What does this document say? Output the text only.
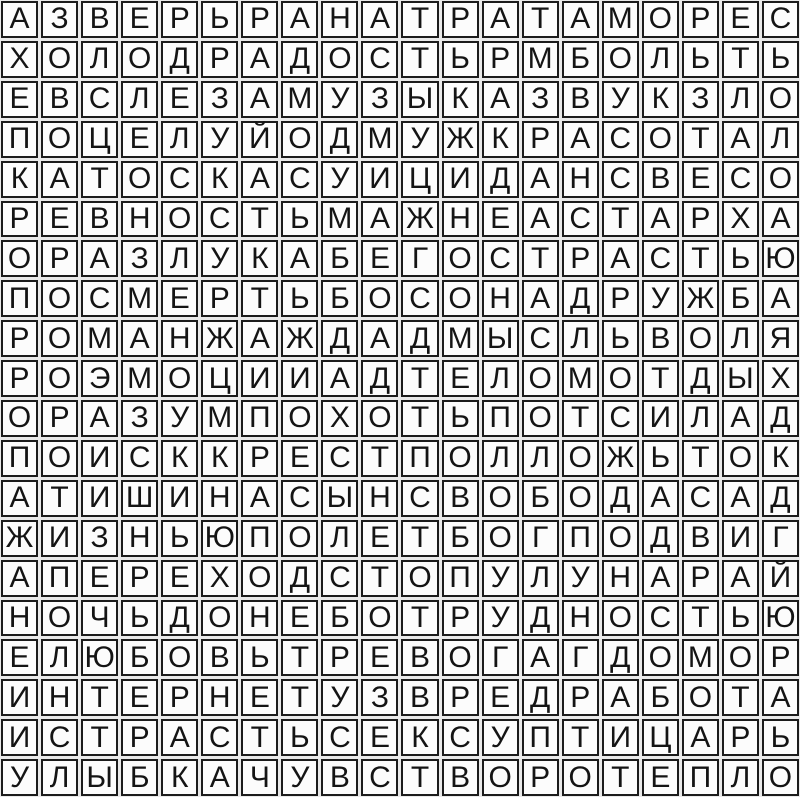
А З В Е Р Ь Р А Н А Т Р А Т А М О Р Е С
Х О Л О Д Р А Д О С Т Ь Р М Б О Л Ь Т Ь
Е В С Л Е З А М У З Ы К А З В У К З Л О
П О Ц Е Л У Й О Д М У Ж К Р А С О Т А Л
К А Т О С К А С У И Ц И Д А Н С В Е С О
Р Е В Н О С Т Ь М А Ж Н Е А С Т А Р Х А
О Р А З Л У К А Б Е Г О С Т Р А С Т Ь Ю
П О С М Е Р Т Ь Б О С О Н А Д Р У Ж Б А
Р О М А Н Ж А Ж Д А Д М Ы С Л Ь В О Л Я
Р О Э М О Ц И И А Д Т Е Л О М О Т Д Ы Х
О Р А З У М П О Х О Т Ь П О Т С И Л А Д
П О И С К К Р Е С Т П О Л Л О Ж Ь Т О К
А Т И Ш И Н А С Ы Н С В О Б О Д А С А Д
Ж И З Н Ь Ю П О Л Е Т Б О Г П О Д В И Г
А П Е Р Е Х О Д С Т О П У Л У Н А Р А Й
Н О Ч Ь Д О Н Е Б О Т Р У Д Н О С Т Ь Ю
Е Л Ю Б О В Ь Т Р Е В О Г А Г Д О М О Р
И Н Т Е Р Н Е Т У З В Р Е Д Р А Б О Т А
И С Т Р А С Т Ь С Е К С У П Т И Ц А Р Ь
У Л Ы Б К А Ч У В С Т В О Р О Т Е П Л О
